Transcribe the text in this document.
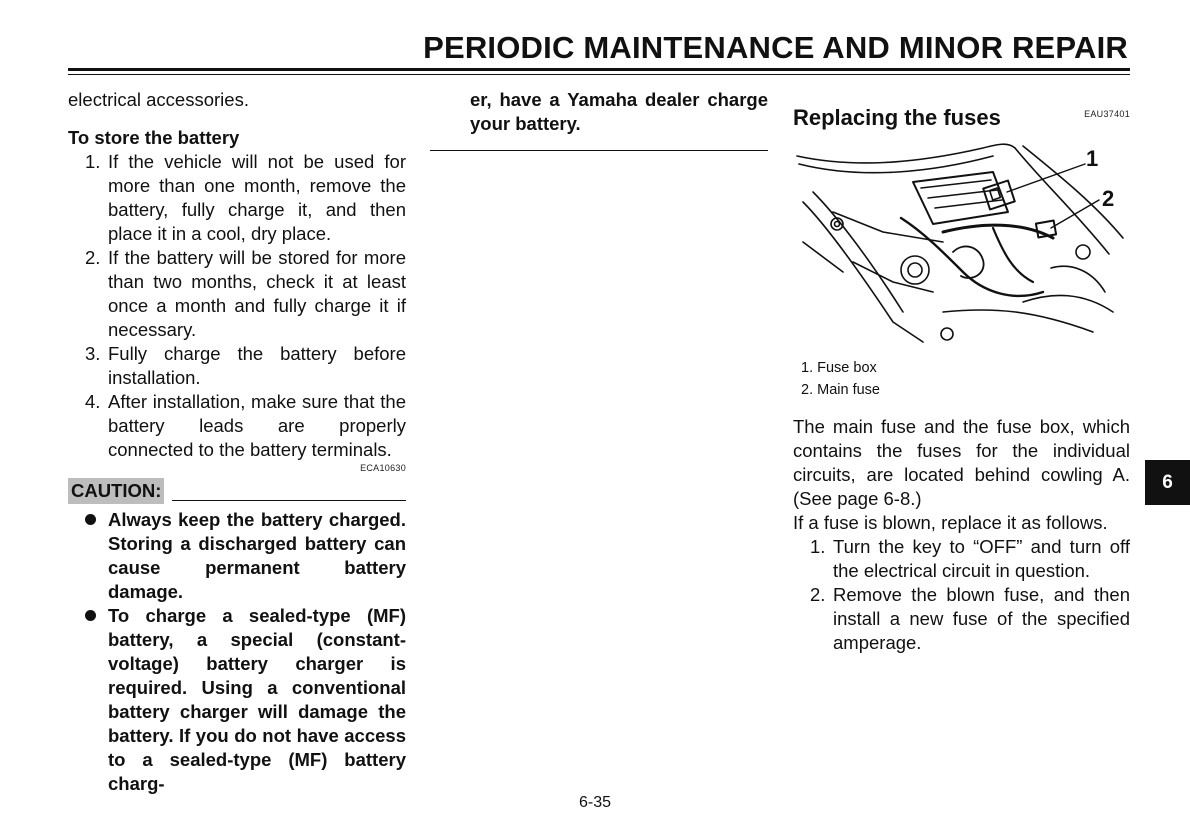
PERIODIC MAINTENANCE AND MINOR REPAIR

electrical accessories.

To store the battery

1. If the vehicle will not be used for more than one month, remove the battery, fully charge it, and then place it in a cool, dry place.
2. If the battery will be stored for more than two months, check it at least once a month and fully charge it if necessary.
3. Fully charge the battery before installation.
4. After installation, make sure that the battery leads are properly connected to the battery terminals.
ECA10630
CAUTION:
Always keep the battery charged. Storing a discharged battery can cause permanent battery damage.
To charge a sealed-type (MF) battery, a special (constant-voltage) battery charger is required. Using a conventional battery charger will damage the battery. If you do not have access to a sealed-type (MF) battery charg-

er, have a Yamaha dealer charge your battery.	EAU37401

Replacing the fuses

1
2
1. Fuse box
2. Main fuse

The main fuse and the fuse box, which contains the fuses for the individual circuits, are located behind cowling A. (See page 6-8.)

If a fuse is blown, replace it as follows.

1. Turn the key to “OFF” and turn off the electrical circuit in question.
2. Remove the blown fuse, and then install a new fuse of the specified amperage.
6
6-35
